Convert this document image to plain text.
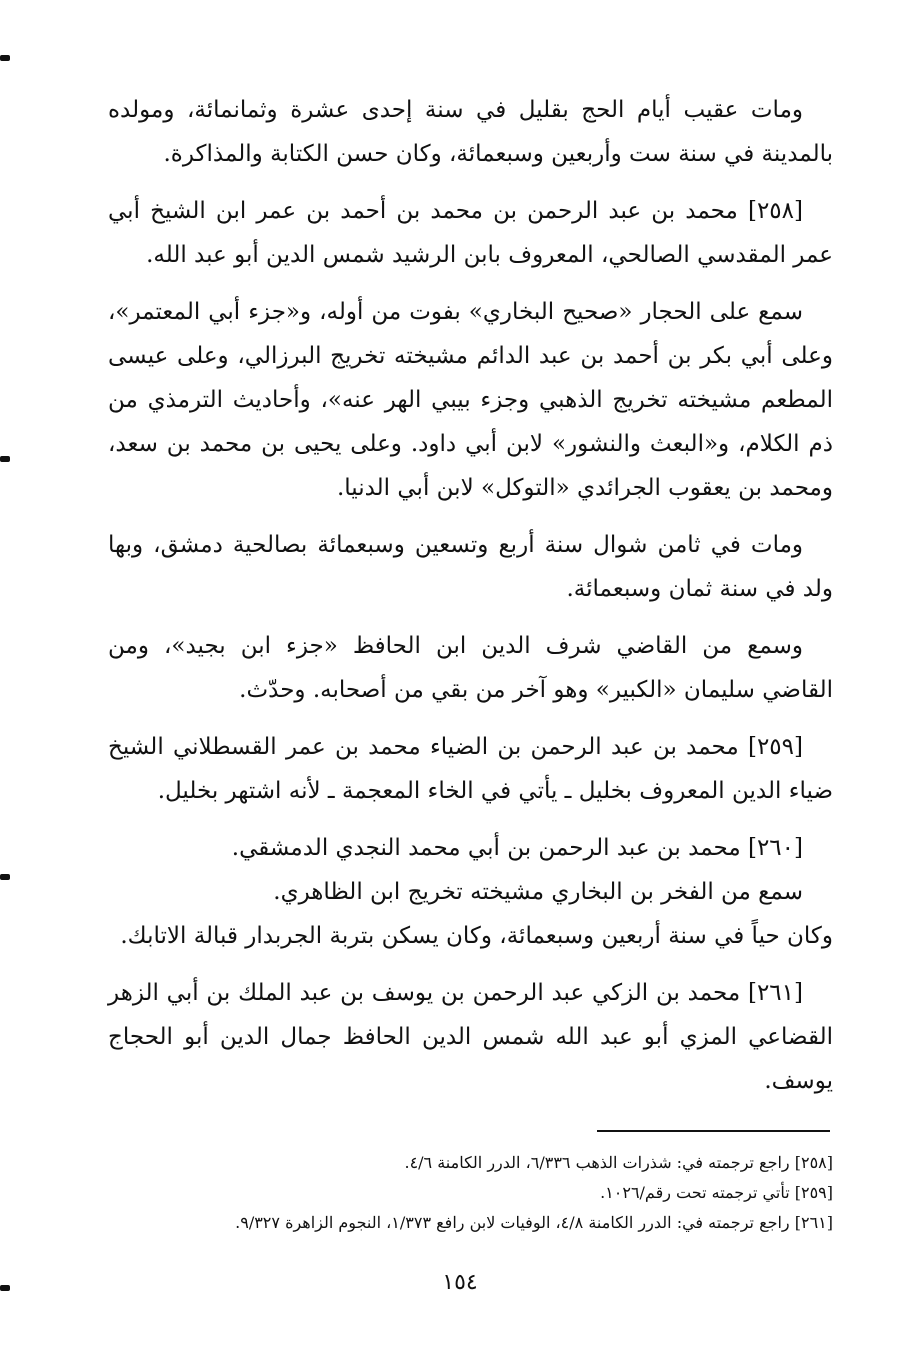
ومات عقيب أيام الحج بقليل في سنة إحدى عشرة وثمانمائة، ومولده بالمدينة في سنة ست وأربعين وسبعمائة، وكان حسن الكتابة والمذاكرة.

[٢٥٨] محمد بن عبد الرحمن بن محمد بن أحمد بن عمر ابن الشيخ أبي عمر المقدسي الصالحي، المعروف بابن الرشيد شمس الدين أبو عبد الله.

سمع على الحجار «صحيح البخاري» بفوت من أوله، و«جزء أبي المعتمر»، وعلى أبي بكر بن أحمد بن عبد الدائم مشيخته تخريج البرزالي، وعلى عيسى المطعم مشيخته تخريج الذهبي وجزء بيبي الهر عنه»، وأحاديث الترمذي من ذم الكلام، و«البعث والنشور» لابن أبي داود. وعلى يحيى بن محمد بن سعد، ومحمد بن يعقوب الجرائدي «التوكل» لابن أبي الدنيا.

ومات في ثامن شوال سنة أربع وتسعين وسبعمائة بصالحية دمشق، وبها ولد في سنة ثمان وسبعمائة.

وسمع من القاضي شرف الدين ابن الحافظ «جزء ابن بجيد»، ومن القاضي سليمان «الكبير» وهو آخر من بقي من أصحابه. وحدّث.

[٢٥٩] محمد بن عبد الرحمن بن الضياء محمد بن عمر القسطلاني الشيخ ضياء الدين المعروف بخليل ـ يأتي في الخاء المعجمة ـ لأنه اشتهر بخليل.

[٢٦٠] محمد بن عبد الرحمن بن أبي محمد النجدي الدمشقي.

سمع من الفخر بن البخاري مشيخته تخريج ابن الظاهري.

وكان حياً في سنة أربعين وسبعمائة، وكان يسكن بتربة الجربدار قبالة الاتابك.

[٢٦١] محمد بن الزكي عبد الرحمن بن يوسف بن عبد الملك بن أبي الزهر القضاعي المزي أبو عبد الله شمس الدين الحافظ جمال الدين أبو الحجاج يوسف.

[٢٥٨] راجع ترجمته في: شذرات الذهب ٦/٣٣٦، الدرر الكامنة ٤/٦.

[٢٥٩] تأتي ترجمته تحت رقم/١٠٢٦.

[٢٦١] راجع ترجمته في: الدرر الكامنة ٤/٨، الوفيات لابن رافع ١/٣٧٣، النجوم الزاهرة ٩/٣٢٧.

١٥٤
